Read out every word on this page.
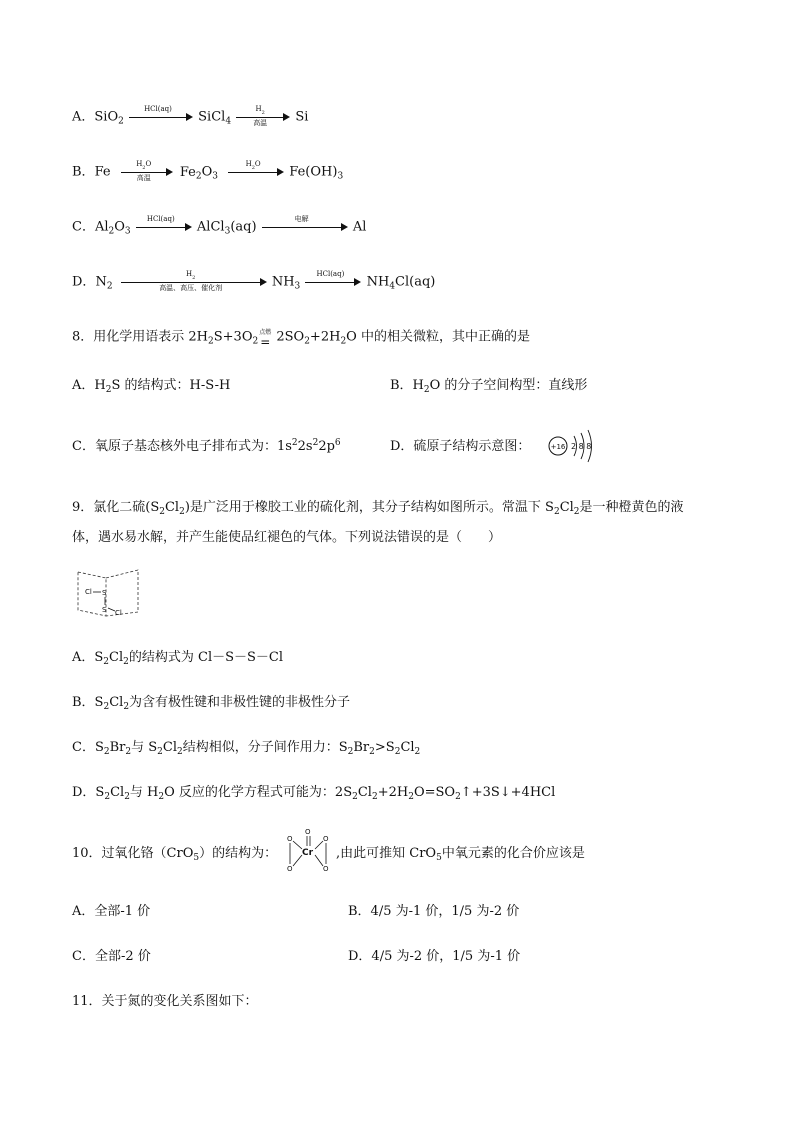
A．SiO$_2$
HCl(aq)
SiCl$_4$
$H_2$
高温	Si
B．Fe
$H_2O$
高温	$Fe_2O_3$
$H_2O$
$Fe(OH)_3$
C．$Al_2O_3$
HCl(aq)
AlCl$_3$(aq)
电解
Al
D．$N_2$
$H_2$
高温、高压、催化剂	$NH_3$
HCl(aq)
$NH_4Cl(aq)$
8．用化学用语表示 $2H_2S+3O_2$
点燃
= $2SO_2+2H_2O$ 中的相关微粒，其中正确的是
A．$H_2S$ 的结构式：H-S-H	B．$H_2O$ 的分子空间构型：直线形
C．氧原子基态核外电子排布式为：$1s^22s^22p^6$	D．硫原子结构示意图：	+16 2 8 8
9．氯化二硫$(S_2Cl_2)$是广泛用于橡胶工业的硫化剂，其分子结构如图所示。常温下 $S_2Cl_2$是一种橙黄色的液
体，遇水易水解，并产生能使品红褪色的气体。下列说法错误的是（　　）
Cl S
S Cl
A．$S_2Cl_2$的结构式为 Cl－S－S－Cl
B．$S_2Cl_2$为含有极性键和非极性键的非极性分子
C．$S_2Br_2$与 $S_2Cl_2$结构相似，分子间作用力：$S_2Br_2>S_2Cl_2$
D．$S_2Cl_2$与 $H_2O$ 反应的化学方程式可能为：$2S_2Cl_2+2H_2O=SO_2↑+3S↓+4HCl$
10．过氧化铬（CrO$_5$）的结构为：
O
Cr
O
O
O
O
,由此可推知 CrO$_5$中氧元素的化合价应该是
A．全部-1 价	B．4/5 为-1 价，1/5 为-2 价
C．全部-2 价	D．4/5 为-2 价，1/5 为-1 价
11．关于氮的变化关系图如下：
